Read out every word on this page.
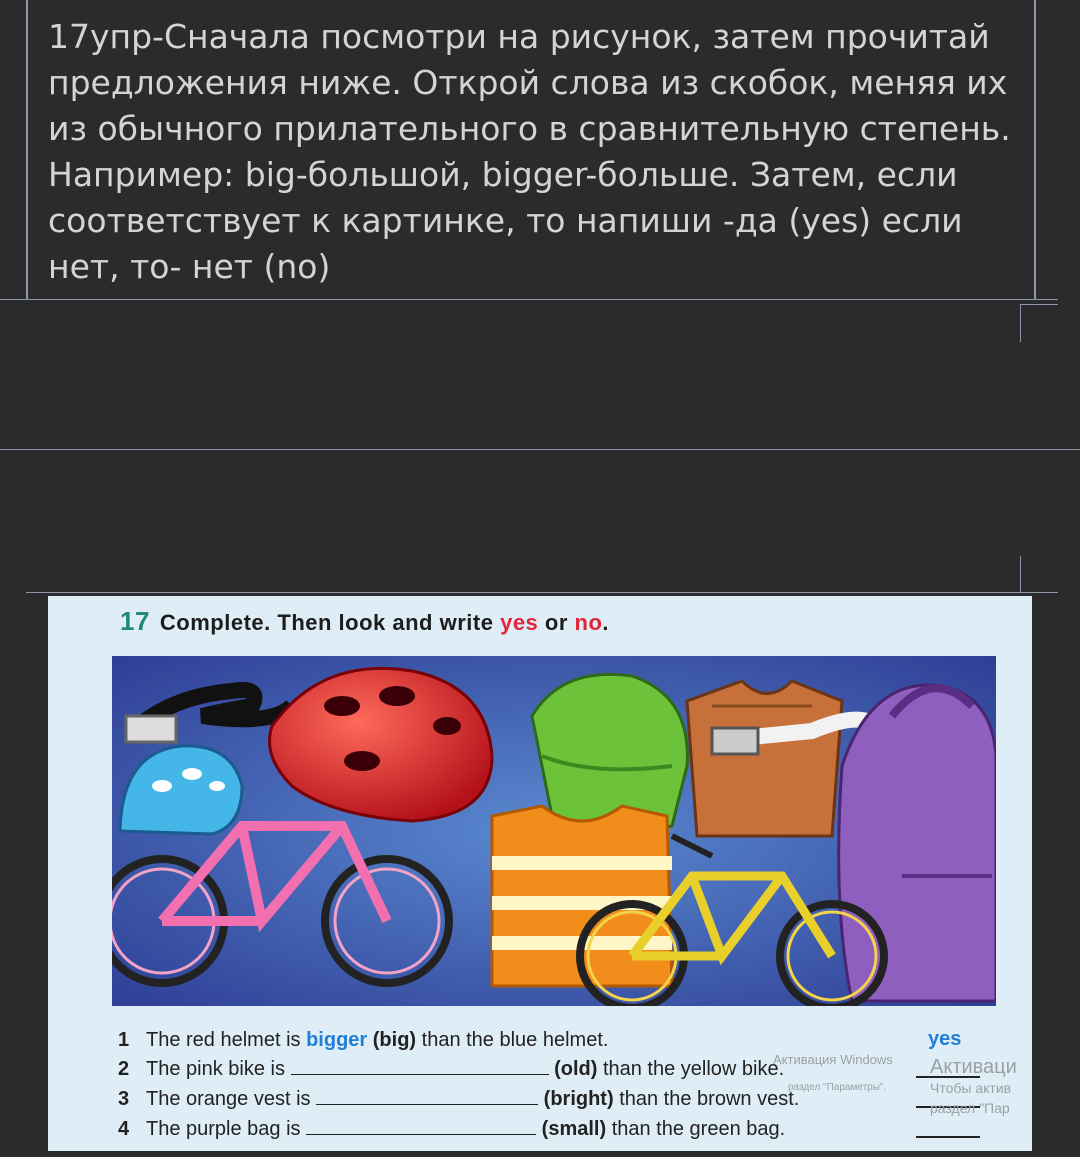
17упр-Сначала посмотри на рисунок, затем прочитай предложения ниже. Открой слова из скобок, меняя их из обычного прилательного в сравнительную степень. Например: big-большой, bigger-больше. Затем, если соответствует к картинке, то напиши -да (yes) если нет, то- нет (no)
17 Complete. Then look and write yes or no.
1 The red helmet is bigger (big) than the blue helmet.	yes
2 The pink bike is	(old) than the yellow bike.
3 The orange vest is	(bright) than the brown vest.
4 The purple bag is	(small) than the green bag.
Активация Windows
раздел "Параметры".
Активаци
Чтобы актив
раздел "Пар
